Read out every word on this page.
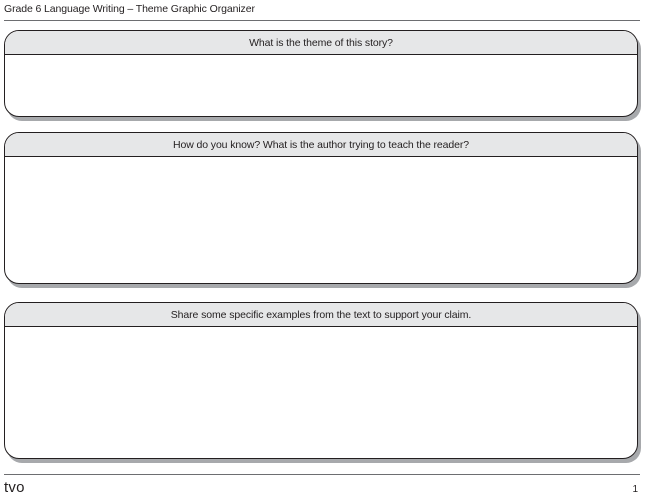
Grade 6 Language Writing – Theme Graphic Organizer
What is the theme of this story?
How do you know? What is the author trying to teach the reader?
Share some specific examples from the text to support your claim.
tvo	1
